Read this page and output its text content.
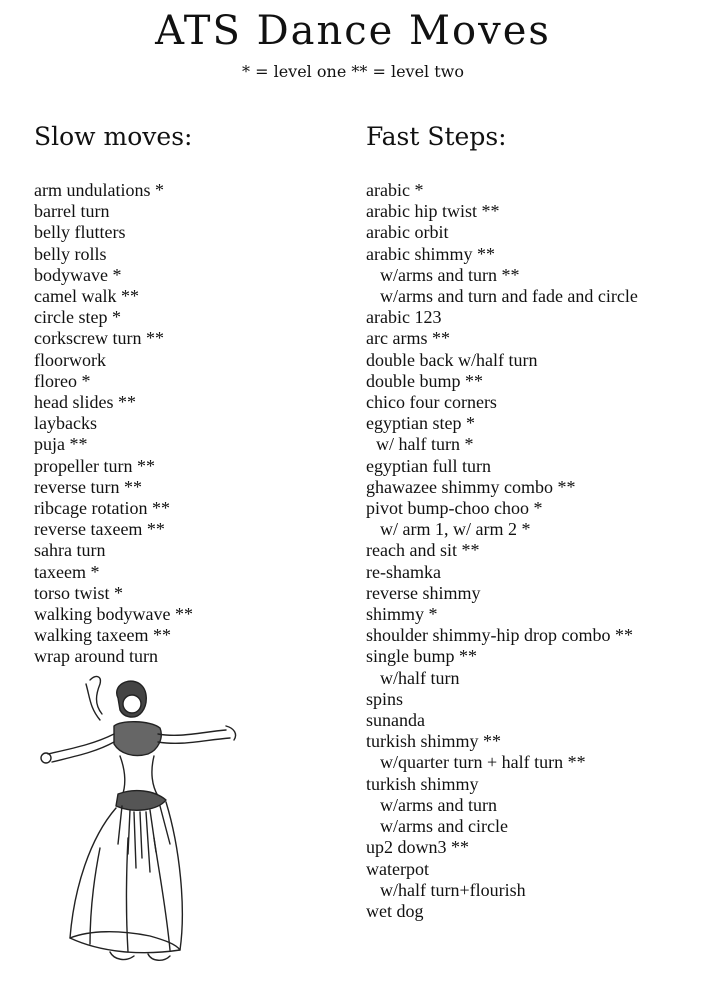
ATS Dance Moves
* = level one ** = level two
Slow moves:	Fast Steps:
arm undulations *
barrel turn
belly flutters
belly rolls
bodywave *
camel walk **
circle step *
corkscrew turn **
floorwork
floreo *
head slides **
laybacks
puja **
propeller turn **
reverse turn **
ribcage rotation **
reverse taxeem **
sahra turn
taxeem *
torso twist *
walking bodywave **
walking taxeem **
wrap around turn
arabic *
arabic hip twist **
arabic orbit
arabic shimmy **
w/arms and turn **
w/arms and turn and fade and circle
arabic 123
arc arms **
double back w/half turn
double bump **
chico four corners
egyptian step *
w/ half turn *
egyptian full turn
ghawazee shimmy combo **
pivot bump-choo choo *
w/ arm 1, w/ arm 2 *
reach and sit **
re-shamka
reverse shimmy
shimmy *
shoulder shimmy-hip drop combo **
single bump **
w/half turn
spins
sunanda
turkish shimmy **
w/quarter turn + half turn **
turkish shimmy
w/arms and turn
w/arms and circle
up2 down3 **
waterpot
w/half turn+flourish
wet dog
